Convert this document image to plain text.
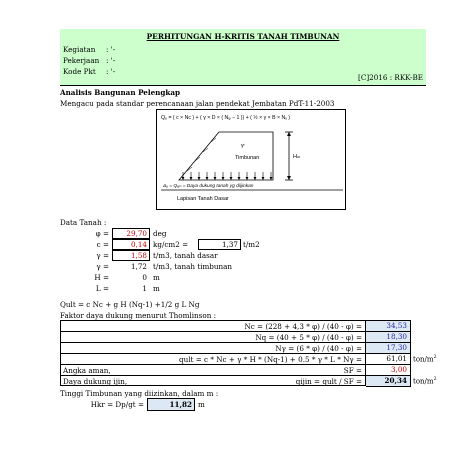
PERHITUNGAN H-KRITIS TANAH TIMBUNAN
Kegiatan : '-
Pekerjaan : '-
Kode Pkt : '-
[C]2016 : RKK-BE
Analisis Bangunan Pelengkap
Mengacu pada standar perencanaan jalan pendekat Jembatan PdT-11-2003
Qᵤ = ( c × Nᴄ ) + ( γ × D × ( Nᵩ − 1 )) + ( ½ × γ × B × Nᵧ )
γᵗ
Timbunan	Hₘ
Δᵤ = Qᵤᵢₙ = Daya dukung tanah yg diijinkan
Lapisan Tanah Dasar
Data Tanah :
φ =	29,70 deg
c =	0,14 kg/cm2 =	1,37 t/m2
γ =	1,58 t/m3, tanah dasar
γ =	1,72 t/m3, tanah timbunan
H =	0 m
L =	1 m
Qult = c Nc + g H (Nq-1) +1/2 g L Ng
Faktor daya dukung menurut Thomlinson :
Nc = (228 + 4,3 * φ) / (40 - φ) =	34,53
Nq = (40 + 5 * φ) / (40 - φ) =	18,30
Nγ = (6 * φ) / (40 - φ) =	17,30
qult = c * Nc + γ * H * (Nq-1) + 0.5 * γ * L * Nγ =	61,01 ton/$m^2$
Angka aman,	SF =	3,00
Daya dukung ijin,	qijin = qult / SF =	20,34 ton/$m^2$
Tinggi Timbunan yang diizinkan, dalam m :
Hkr = Dp/gt =	11,82 m
